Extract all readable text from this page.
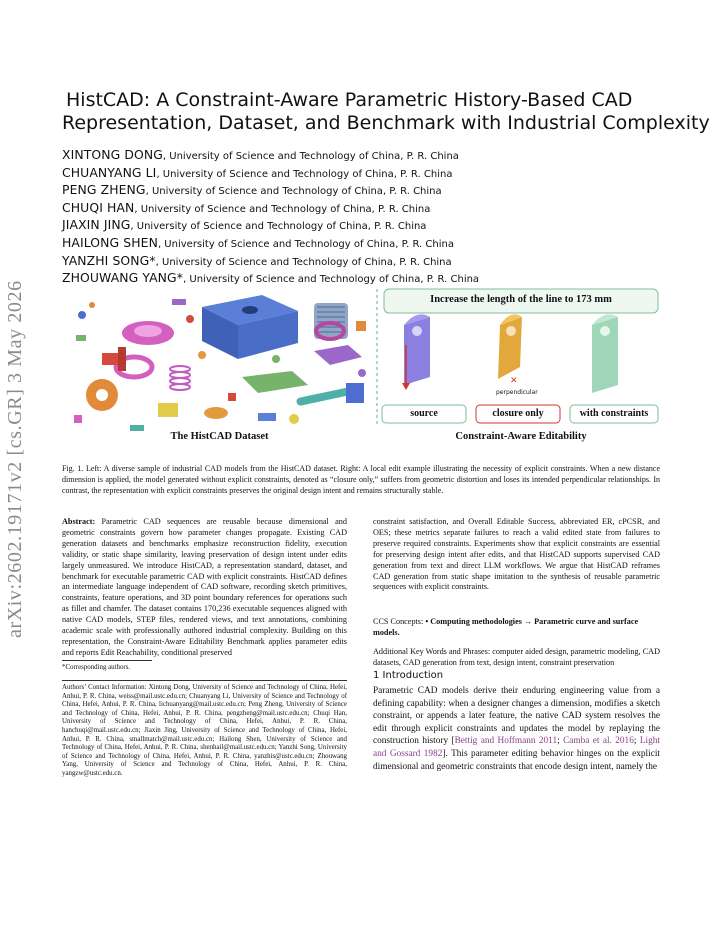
arXiv:2602.19171v2 [cs.GR] 3 May 2026
HistCAD: A Constraint-Aware Parametric History-Based CAD
Representation, Dataset, and Benchmark with Industrial Complexity
XINTONG DONG, University of Science and Technology of China, P. R. China
CHUANYANG LI, University of Science and Technology of China, P. R. China
PENG ZHENG, University of Science and Technology of China, P. R. China
CHUQI HAN, University of Science and Technology of China, P. R. China
JIAXIN JING, University of Science and Technology of China, P. R. China
HAILONG SHEN, University of Science and Technology of China, P. R. China
YANZHI SONG*, University of Science and Technology of China, P. R. China
ZHOUWANG YANG*, University of Science and Technology of China, P. R. China
✕
Increase the length of the line to 173 mm
perpendicular
source	closure only	with constraints
The HistCAD Dataset	Constraint-Aware Editability
Fig. 1. Left: A diverse sample of industrial CAD models from the HistCAD dataset. Right: A local edit example illustrating the necessity of explicit constraints. When a new distance dimension is applied, the model generated without explicit constraints, denoted as “closure only,” suffers from geometric distortion and loses its intended perpendicular relationships. In contrast, the representation with explicit constraints preserves the original design intent and remains structurally stable.
Abstract: Parametric CAD sequences are reusable because dimensional and geometric constraints govern how parameter changes propagate. Existing CAD generation datasets and benchmarks emphasize reconstruction fidelity, execution validity, or static shape similarity, leaving preservation of design intent under edits largely unmeasured. We introduce HistCAD, a representation standard, dataset, and benchmark for executable parametric CAD with explicit constraints. HistCAD defines an intermediate language independent of CAD software, recording sketch primitives, constraints, feature operations, and 3D point boundary references for operations such as fillet and chamfer. The dataset contains 170,236 executable sequences aligned with native CAD models, STEP files, rendered views, and text annotations, combining academic scale with professionally authored industrial complexity. Building on this representation, the Constraint-Aware Editability Benchmark applies parameter edits and reports Edit Reachability, conditional preserved
constraint satisfaction, and Overall Editable Success, abbreviated ER, cPCSR, and OES; these metrics separate failures to reach a valid edited state from failures to preserve required constraints. Experiments show that explicit constraints are essential for preserving design intent after edits, and that HistCAD supports supervised CAD generation from text and direct LLM workflows. We argue that HistCAD reframes CAD generation from static shape imitation to the synthesis of reusable parametric sequences with explicit constraints.
CCS Concepts: • Computing methodologies → Parametric curve and surface models.
Additional Key Words and Phrases: computer aided design, parametric modeling, CAD datasets, CAD generation from text, design intent, constraint preservation
*Corresponding authors.
Authors’ Contact Information: Xintong Dong, University of Science and Technology of China, Hefei, Anhui, P. R. China, weiss@mail.ustc.edu.cn; Chuanyang Li, University of Science and Technology of China, Hefei, Anhui, P. R. China, lichuanyang@mail.ustc.edu.cn; Peng Zheng, University of Science and Technology of China, Hefei, Anhui, P. R. China, pengzheng@mail.ustc.edu.cn; Chuqi Han, University of Science and Technology of China, Hefei, Anhui, P. R. China, hanchuqi@mail.ustc.edu.cn; Jiaxin Jing, University of Science and Technology of China, Hefei, Anhui, P. R. China, smallmatch@mail.ustc.edu.cn; Hailong Shen, University of Science and Technology of China, Hefei, Anhui, P. R. China, shenhail@mail.ustc.edu.cn; Yanzhi Song, University of Science and Technology of China, Hefei, Anhui, P. R. China, yanzhis@ustc.edu.cn; Zhouwang Yang, University of Science and Technology of China, Hefei, Anhui, P. R. China, yangzw@ustc.edu.cn.
1 Introduction
Parametric CAD models derive their enduring engineering value from a defining capability: when a designer changes a dimension, modifies a sketch constraint, or appends a later feature, the native CAD system resolves the edit through explicit constraints and updates the model by replaying the construction history [Bettig and Hoffmann 2011; Camba et al. 2016; Light and Gossard 1982]. This parameter editing behavior hinges on the explicit dimensional and geometric constraints that encode design intent, namely the
